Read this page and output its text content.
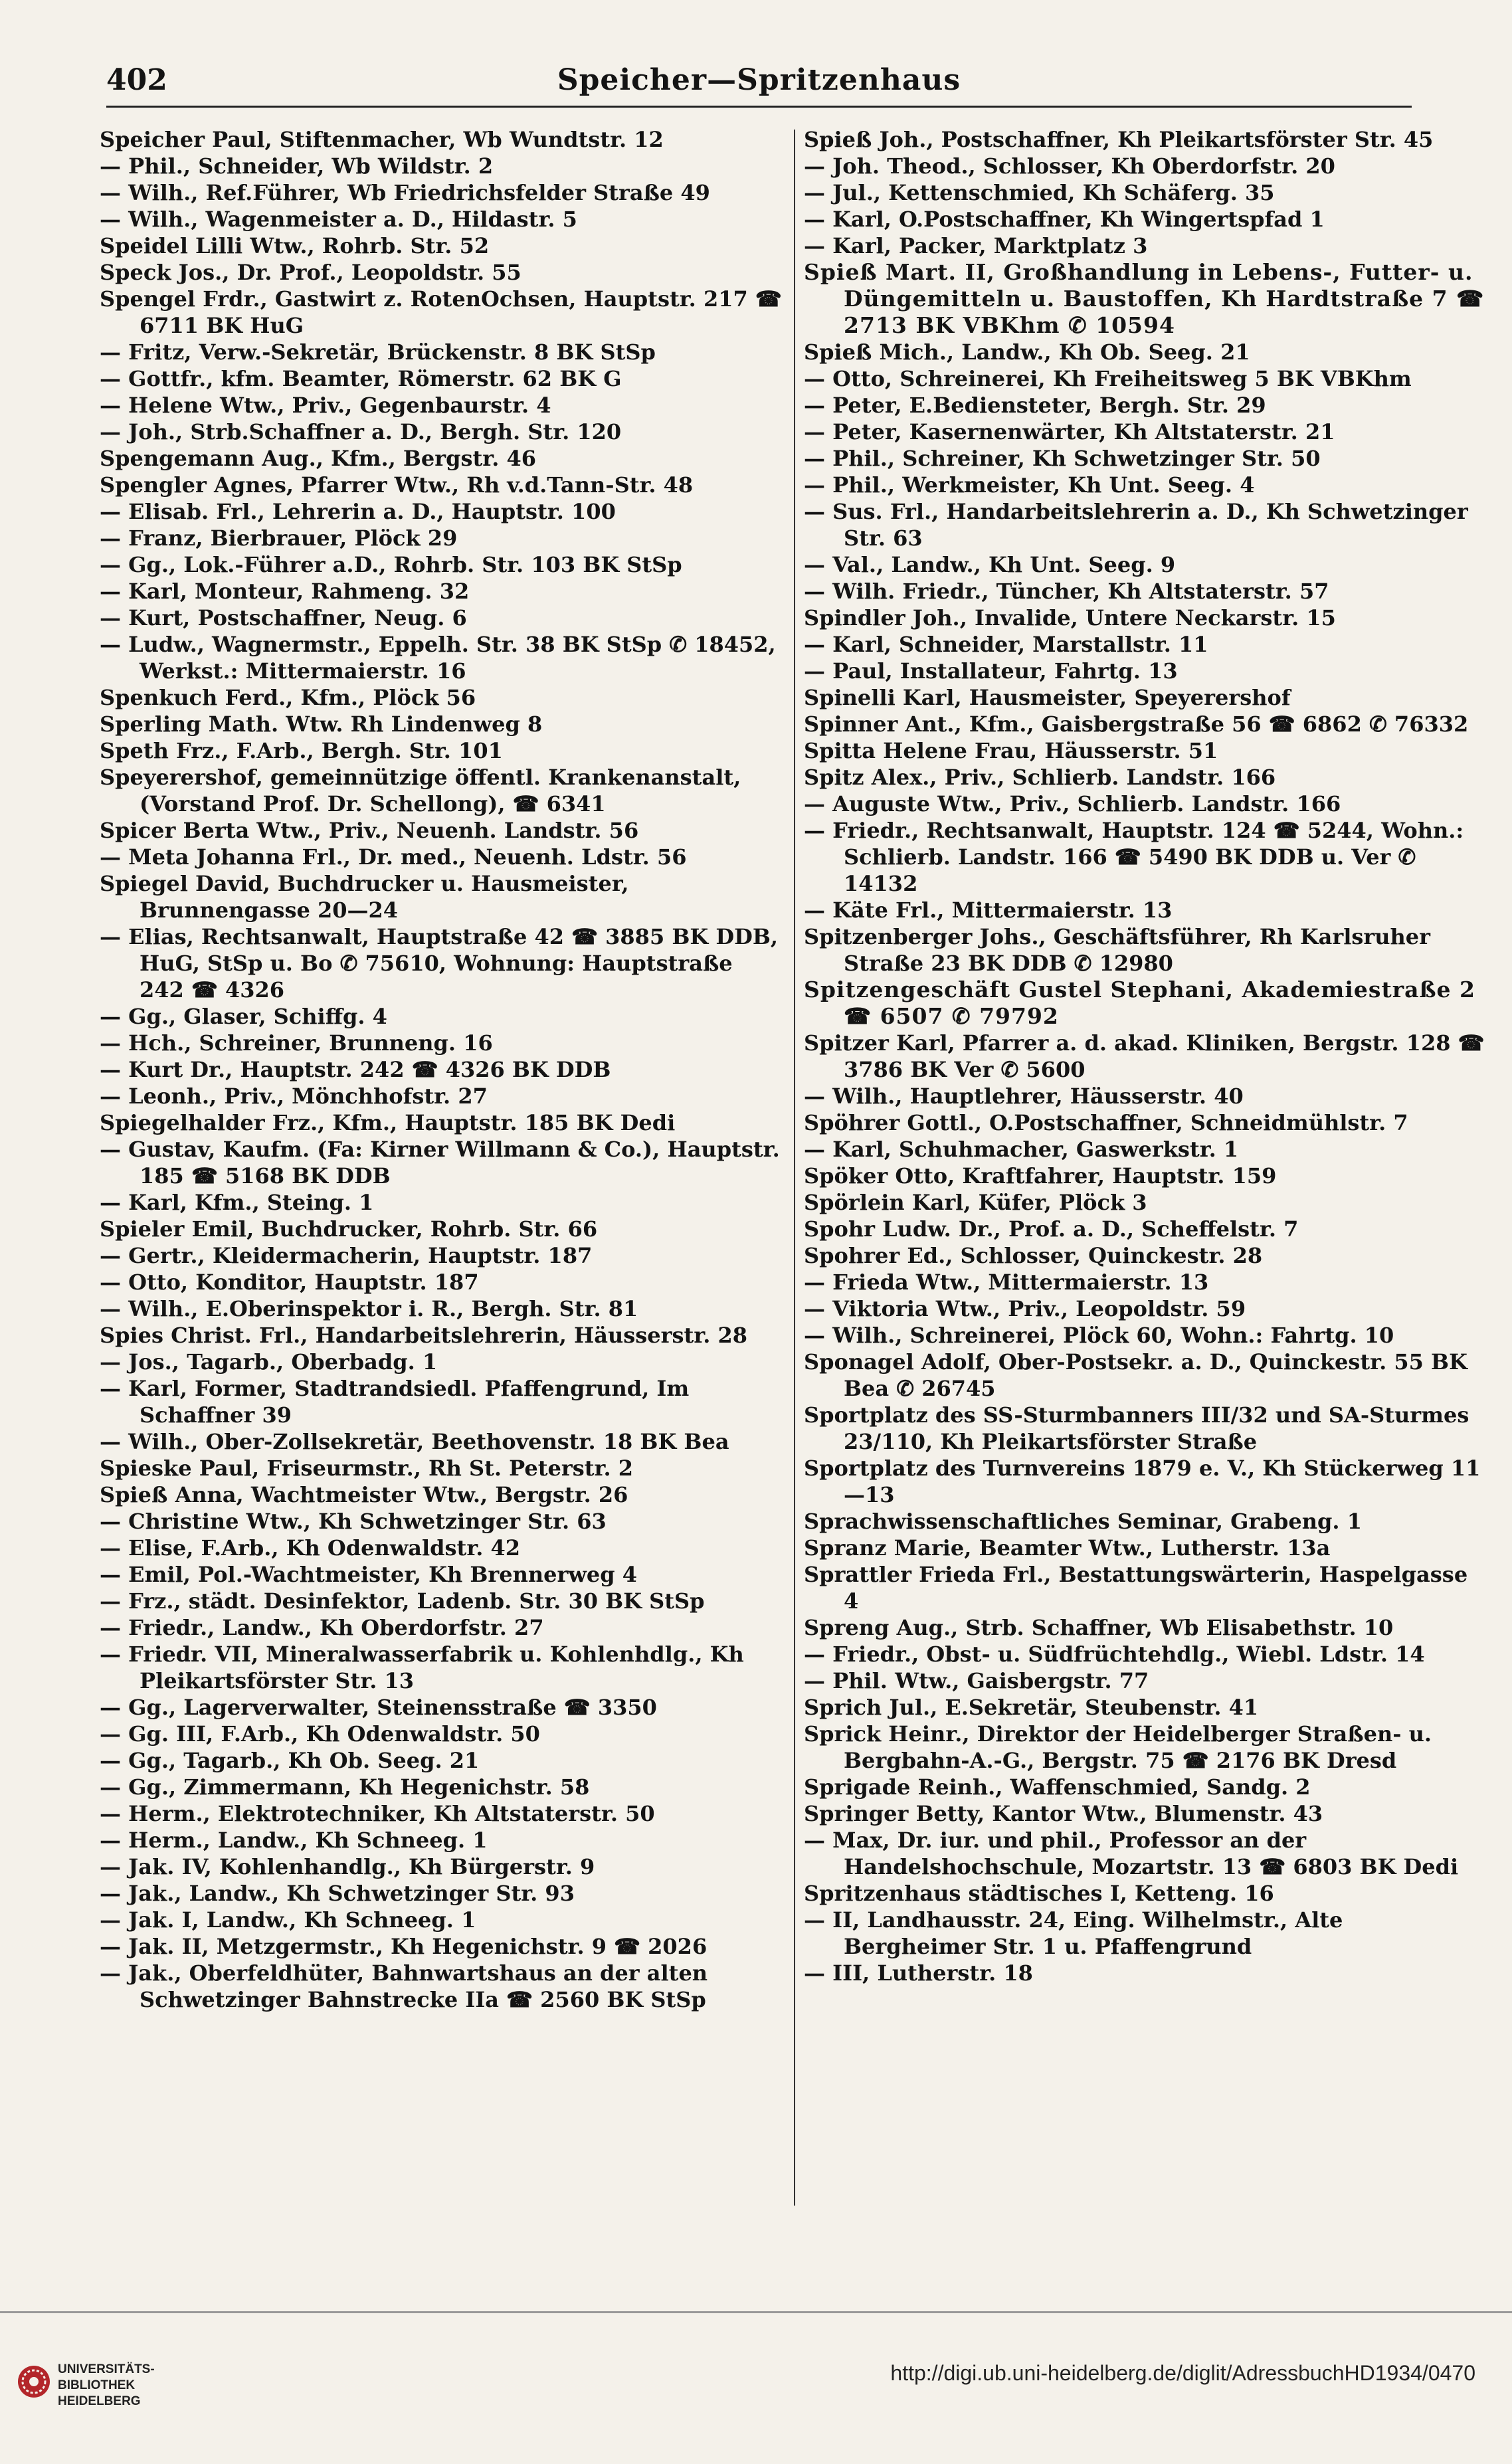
402	Speicher—Spritzenhaus
Speicher Paul, Stiftenmacher, Wb Wundtstr. 12
— Phil., Schneider, Wb Wildstr. 2
— Wilh., Ref.Führer, Wb Friedrichsfelder Straße 49
— Wilh., Wagenmeister a. D., Hildastr. 5
Speidel Lilli Wtw., Rohrb. Str. 52
Speck Jos., Dr. Prof., Leopoldstr. 55
Spengel Frdr., Gastwirt z. RotenOchsen, Hauptstr. 217 ☎ 6711 BK HuG
— Fritz, Verw.-Sekretär, Brückenstr. 8 BK StSp
— Gottfr., kfm. Beamter, Römerstr. 62 BK G
— Helene Wtw., Priv., Gegenbaurstr. 4
— Joh., Strb.Schaffner a. D., Bergh. Str. 120
Spengemann Aug., Kfm., Bergstr. 46
Spengler Agnes, Pfarrer Wtw., Rh v.d.Tann-Str. 48
— Elisab. Frl., Lehrerin a. D., Hauptstr. 100
— Franz, Bierbrauer, Plöck 29
— Gg., Lok.-Führer a.D., Rohrb. Str. 103 BK StSp
— Karl, Monteur, Rahmeng. 32
— Kurt, Postschaffner, Neug. 6
— Ludw., Wagnermstr., Eppelh. Str. 38 BK StSp ✆ 18452, Werkst.: Mittermaierstr. 16
Spenkuch Ferd., Kfm., Plöck 56
Sperling Math. Wtw. Rh Lindenweg 8
Speth Frz., F.Arb., Bergh. Str. 101
Speyerershof, gemeinnützige öffentl. Krankenanstalt, (Vorstand Prof. Dr. Schellong), ☎ 6341
Spicer Berta Wtw., Priv., Neuenh. Landstr. 56
— Meta Johanna Frl., Dr. med., Neuenh. Ldstr. 56
Spiegel David, Buchdrucker u. Hausmeister, Brunnengasse 20—24
— Elias, Rechtsanwalt, Hauptstraße 42 ☎ 3885 BK DDB, HuG, StSp u. Bo ✆ 75610, Wohnung: Hauptstraße 242 ☎ 4326
— Gg., Glaser, Schiffg. 4
— Hch., Schreiner, Brunneng. 16
— Kurt Dr., Hauptstr. 242 ☎ 4326 BK DDB
— Leonh., Priv., Mönchhofstr. 27
Spiegelhalder Frz., Kfm., Hauptstr. 185 BK Dedi
— Gustav, Kaufm. (Fa: Kirner Willmann & Co.), Hauptstr. 185 ☎ 5168 BK DDB
— Karl, Kfm., Steing. 1
Spieler Emil, Buchdrucker, Rohrb. Str. 66
— Gertr., Kleidermacherin, Hauptstr. 187
— Otto, Konditor, Hauptstr. 187
— Wilh., E.Oberinspektor i. R., Bergh. Str. 81
Spies Christ. Frl., Handarbeitslehrerin, Häusserstr. 28
— Jos., Tagarb., Oberbadg. 1
— Karl, Former, Stadtrandsiedl. Pfaffengrund, Im Schaffner 39
— Wilh., Ober-Zollsekretär, Beethovenstr. 18 BK Bea
Spieske Paul, Friseurmstr., Rh St. Peterstr. 2
Spieß Anna, Wachtmeister Wtw., Bergstr. 26
— Christine Wtw., Kh Schwetzinger Str. 63
— Elise, F.Arb., Kh Odenwaldstr. 42
— Emil, Pol.-Wachtmeister, Kh Brennerweg 4
— Frz., städt. Desinfektor, Ladenb. Str. 30 BK StSp
— Friedr., Landw., Kh Oberdorfstr. 27
— Friedr. VII, Mineralwasserfabrik u. Kohlenhdlg., Kh Pleikartsförster Str. 13
— Gg., Lagerverwalter, Steinensstraße ☎ 3350
— Gg. III, F.Arb., Kh Odenwaldstr. 50
— Gg., Tagarb., Kh Ob. Seeg. 21
— Gg., Zimmermann, Kh Hegenichstr. 58
— Herm., Elektrotechniker, Kh Altstaterstr. 50
— Herm., Landw., Kh Schneeg. 1
— Jak. IV, Kohlenhandlg., Kh Bürgerstr. 9
— Jak., Landw., Kh Schwetzinger Str. 93
— Jak. I, Landw., Kh Schneeg. 1
— Jak. II, Metzgermstr., Kh Hegenichstr. 9 ☎ 2026
— Jak., Oberfeldhüter, Bahnwartshaus an der alten Schwetzinger Bahnstrecke IIa ☎ 2560 BK StSp
Spieß Joh., Postschaffner, Kh Pleikartsförster Str. 45
— Joh. Theod., Schlosser, Kh Oberdorfstr. 20
— Jul., Kettenschmied, Kh Schäferg. 35
— Karl, O.Postschaffner, Kh Wingertspfad 1
— Karl, Packer, Marktplatz 3
Spieß Mart. II, Großhandlung in Lebens-, Futter- u. Düngemitteln u. Baustoffen, Kh Hardtstraße 7 ☎ 2713 BK VBKhm ✆ 10594
Spieß Mich., Landw., Kh Ob. Seeg. 21
— Otto, Schreinerei, Kh Freiheitsweg 5 BK VBKhm
— Peter, E.Bediensteter, Bergh. Str. 29
— Peter, Kasernenwärter, Kh Altstaterstr. 21
— Phil., Schreiner, Kh Schwetzinger Str. 50
— Phil., Werkmeister, Kh Unt. Seeg. 4
— Sus. Frl., Handarbeitslehrerin a. D., Kh Schwetzinger Str. 63
— Val., Landw., Kh Unt. Seeg. 9
— Wilh. Friedr., Tüncher, Kh Altstaterstr. 57
Spindler Joh., Invalide, Untere Neckarstr. 15
— Karl, Schneider, Marstallstr. 11
— Paul, Installateur, Fahrtg. 13
Spinelli Karl, Hausmeister, Speyerershof
Spinner Ant., Kfm., Gaisbergstraße 56 ☎ 6862 ✆ 76332
Spitta Helene Frau, Häusserstr. 51
Spitz Alex., Priv., Schlierb. Landstr. 166
— Auguste Wtw., Priv., Schlierb. Landstr. 166
— Friedr., Rechtsanwalt, Hauptstr. 124 ☎ 5244, Wohn.: Schlierb. Landstr. 166 ☎ 5490 BK DDB u. Ver ✆ 14132
— Käte Frl., Mittermaierstr. 13
Spitzenberger Johs., Geschäftsführer, Rh Karlsruher Straße 23 BK DDB ✆ 12980
Spitzengeschäft Gustel Stephani, Akademiestraße 2 ☎ 6507 ✆ 79792
Spitzer Karl, Pfarrer a. d. akad. Kliniken, Bergstr. 128 ☎ 3786 BK Ver ✆ 5600
— Wilh., Hauptlehrer, Häusserstr. 40
Spöhrer Gottl., O.Postschaffner, Schneidmühlstr. 7
— Karl, Schuhmacher, Gaswerkstr. 1
Spöker Otto, Kraftfahrer, Hauptstr. 159
Spörlein Karl, Küfer, Plöck 3
Spohr Ludw. Dr., Prof. a. D., Scheffelstr. 7
Spohrer Ed., Schlosser, Quinckestr. 28
— Frieda Wtw., Mittermaierstr. 13
— Viktoria Wtw., Priv., Leopoldstr. 59
— Wilh., Schreinerei, Plöck 60, Wohn.: Fahrtg. 10
Sponagel Adolf, Ober-Postsekr. a. D., Quinckestr. 55 BK Bea ✆ 26745
Sportplatz des SS-Sturmbanners III/32 und SA-Sturmes 23/110, Kh Pleikartsförster Straße
Sportplatz des Turnvereins 1879 e. V., Kh Stückerweg 11—13
Sprachwissenschaftliches Seminar, Grabeng. 1
Spranz Marie, Beamter Wtw., Lutherstr. 13a
Sprattler Frieda Frl., Bestattungswärterin, Haspelgasse 4
Spreng Aug., Strb. Schaffner, Wb Elisabethstr. 10
— Friedr., Obst- u. Südfrüchtehdlg., Wiebl. Ldstr. 14
— Phil. Wtw., Gaisbergstr. 77
Sprich Jul., E.Sekretär, Steubenstr. 41
Sprick Heinr., Direktor der Heidelberger Straßen- u. Bergbahn-A.-G., Bergstr. 75 ☎ 2176 BK Dresd
Sprigade Reinh., Waffenschmied, Sandg. 2
Springer Betty, Kantor Wtw., Blumenstr. 43
— Max, Dr. iur. und phil., Professor an der Handelshochschule, Mozartstr. 13 ☎ 6803 BK Dedi
Spritzenhaus städtisches I, Ketteng. 16
— II, Landhausstr. 24, Eing. Wilhelmstr., Alte Bergheimer Str. 1 u. Pfaffengrund
— III, Lutherstr. 18
UNIVERSITÄTS-
BIBLIOTHEK
HEIDELBERG
http://digi.ub.uni-heidelberg.de/diglit/AdressbuchHD1934/0470
